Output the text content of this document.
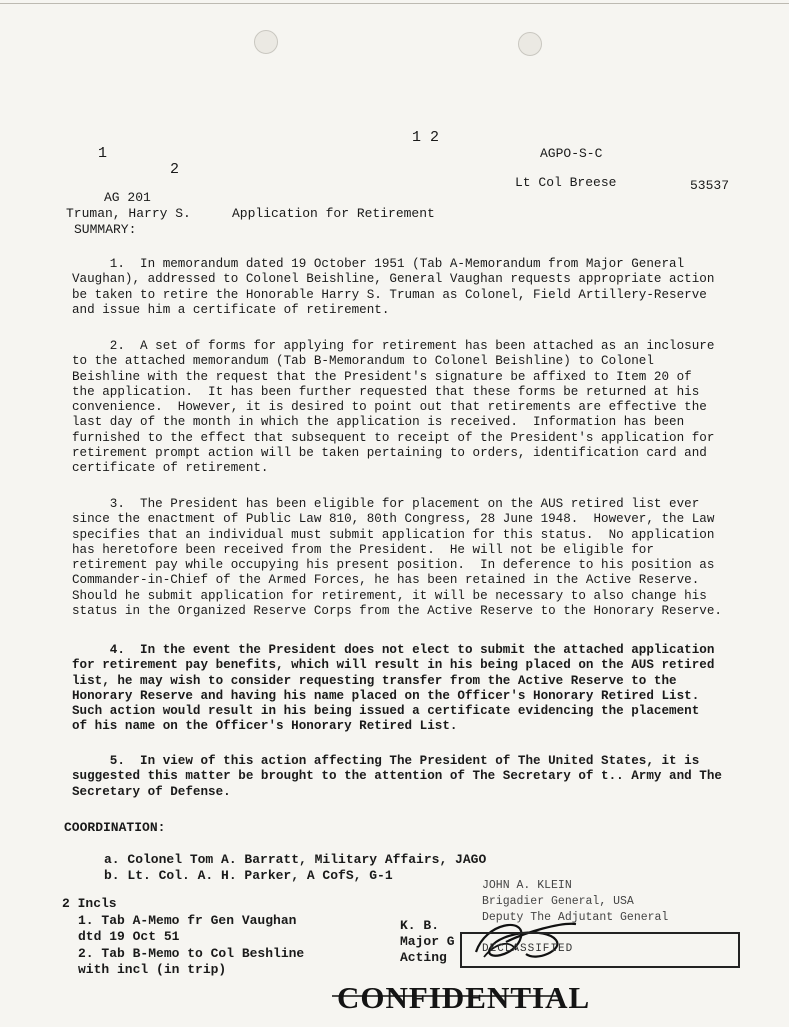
1 2
1
2
AGPO-S-C
Lt Col Breese	53537
AG 201
Truman, Harry S.	Application for Retirement
SUMMARY:
1.  In memorandum dated 19 October 1951 (Tab A-Memorandum from Major General
Vaughan), addressed to Colonel Beishline, General Vaughan requests appropriate action
be taken to retire the Honorable Harry S. Truman as Colonel, Field Artillery-Reserve
and issue him a certificate of retirement.
2.  A set of forms for applying for retirement has been attached as an inclosure
to the attached memorandum (Tab B-Memorandum to Colonel Beishline) to Colonel
Beishline with the request that the President's signature be affixed to Item 20 of
the application.  It has been further requested that these forms be returned at his
convenience.  However, it is desired to point out that retirements are effective the
last day of the month in which the application is received.  Information has been
furnished to the effect that subsequent to receipt of the President's application for
retirement prompt action will be taken pertaining to orders, identification card and
certificate of retirement.
3.  The President has been eligible for placement on the AUS retired list ever
since the enactment of Public Law 810, 80th Congress, 28 June 1948.  However, the Law
specifies that an individual must submit application for this status.  No application
has heretofore been received from the President.  He will not be eligible for
retirement pay while occupying his present position.  In deference to his position as
Commander-in-Chief of the Armed Forces, he has been retained in the Active Reserve.
Should he submit application for retirement, it will be necessary to also change his
status in the Organized Reserve Corps from the Active Reserve to the Honorary Reserve.
4.  In the event the President does not elect to submit the attached application
for retirement pay benefits, which will result in his being placed on the AUS retired
list, he may wish to consider requesting transfer from the Active Reserve to the
Honorary Reserve and having his name placed on the Officer's Honorary Retired List.
Such action would result in his being issued a certificate evidencing the placement
of his name on the Officer's Honorary Retired List.
5.  In view of this action affecting The President of The United States, it is
suggested this matter be brought to the attention of The Secretary of t.. Army and The
Secretary of Defense.
COORDINATION:
a. Colonel Tom A. Barratt, Military Affairs, JAGO
b. Lt. Col. A. H. Parker, A CofS, G-1
2 Incls
1. Tab A-Memo fr Gen Vaughan
dtd 19 Oct 51
2. Tab B-Memo to Col Beshline
with incl (in trip)
JOHN A. KLEIN
Brigadier General, USA
Deputy The Adjutant General
K. B.
Major G
Acting
DECLASSIFIED
CONFIDENTIAL
